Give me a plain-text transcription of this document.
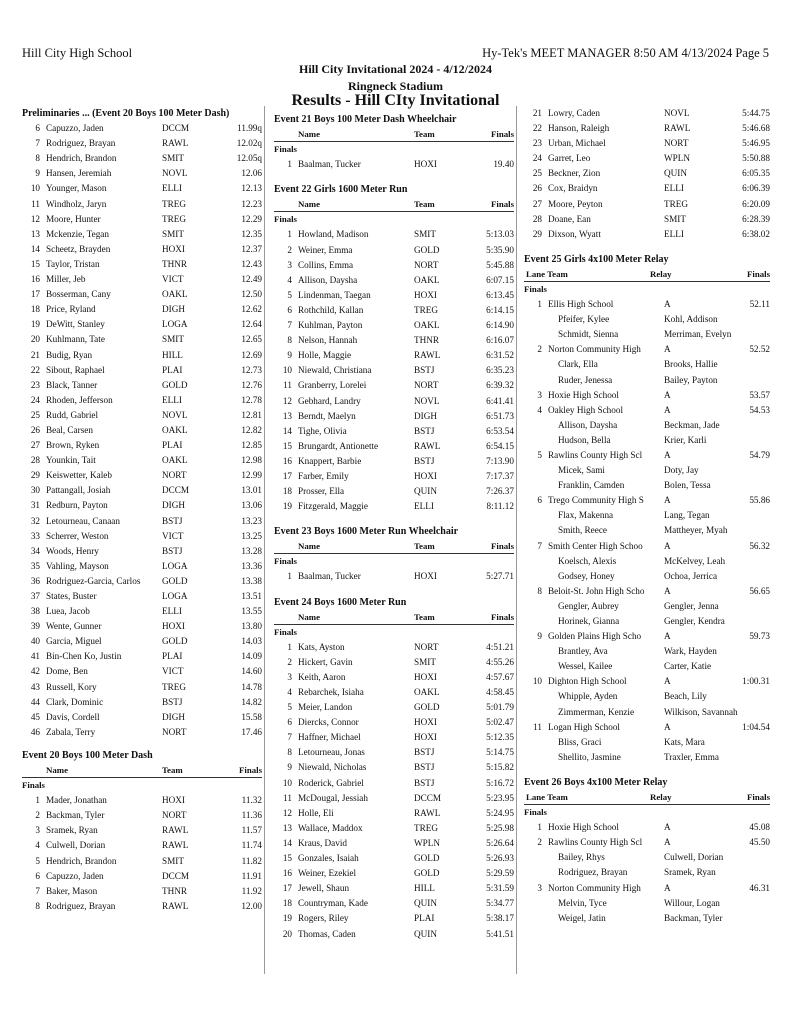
Hill City High School	Hy-Tek's MEET MANAGER 8:50 AM 4/13/2024 Page 5
Hill City Invitational 2024 - 4/12/2024
Ringneck Stadium
Results - Hill CIty Invitational
Preliminaries ... (Event 20 Boys 100 Meter Dash)
6 Capuzzo, Jaden	DCCM	11.99q
7 Rodriguez, Brayan	RAWL	12.02q
8 Hendrich, Brandon	SMIT	12.05q
9 Hansen, Jeremiah	NOVL	12.06
10 Younger, Mason	ELLI	12.13
11 Windholz, Jaryn	TREG	12.23
12 Moore, Hunter	TREG	12.29
13 Mckenzie, Tegan	SMIT	12.35
14 Scheetz, Brayden	HOXI	12.37
15 Taylor, Tristan	THNR	12.43
16 Miller, Jeb	VICT	12.49
17 Bosserman, Cany	OAKL	12.50
18 Price, Ryland	DIGH	12.62
19 DeWitt, Stanley	LOGA	12.64
20 Kuhlmann, Tate	SMIT	12.65
21 Budig, Ryan	HILL	12.69
22 Sibout, Raphael	PLAI	12.73
23 Black, Tanner	GOLD	12.76
24 Rhoden, Jefferson	ELLI	12.78
25 Rudd, Gabriel	NOVL	12.81
26 Beal, Carsen	OAKL	12.82
27 Brown, Ryken	PLAI	12.85
28 Younkin, Tait	OAKL	12.98
29 Keiswetter, Kaleb	NORT	12.99
30 Pattangall, Josiah	DCCM	13.01
31 Redburn, Payton	DIGH	13.06
32 Letourneau, Canaan	BSTJ	13.23
33 Scherrer, Weston	VICT	13.25
34 Woods, Henry	BSTJ	13.28
35 Vahling, Mayson	LOGA	13.36
36 Rodriguez-Garcia, Carlos	GOLD	13.38
37 States, Buster	LOGA	13.51
38 Luea, Jacob	ELLI	13.55
39 Wente, Gunner	HOXI	13.80
40 Garcia, Miguel	GOLD	14.03
41 Bin-Chen Ko, Justin	PLAI	14.09
42 Dome, Ben	VICT	14.60
43 Russell, Kory	TREG	14.78
44 Clark, Dominic	BSTJ	14.82
45 Davis, Cordell	DIGH	15.58
46 Zabala, Terry	NORT	17.46
Event 20 Boys 100 Meter Dash
Name	Team	Finals
Finals
1 Mader, Jonathan	HOXI	11.32
2 Backman, Tyler	NORT	11.36
3 Sramek, Ryan	RAWL	11.57
4 Culwell, Dorian	RAWL	11.74
5 Hendrich, Brandon	SMIT	11.82
6 Capuzzo, Jaden	DCCM	11.91
7 Baker, Mason	THNR	11.92
8 Rodriguez, Brayan	RAWL	12.00
Event 21 Boys 100 Meter Dash Wheelchair
Name	Team	Finals
Finals
1 Baalman, Tucker	HOXI	19.40
Event 22 Girls 1600 Meter Run
Name	Team	Finals
Finals
1 Howland, Madison	SMIT	5:13.03
2 Weiner, Emma	GOLD	5:35.90
3 Collins, Emma	NORT	5:45.88
4 Allison, Daysha	OAKL	6:07.15
5 Lindenman, Taegan	HOXI	6:13.45
6 Rothchild, Kallan	TREG	6:14.15
7 Kuhlman, Payton	OAKL	6:14.90
8 Nelson, Hannah	THNR	6:16.07
9 Holle, Maggie	RAWL	6:31.52
10 Niewald, Christiana	BSTJ	6:35.23
11 Granberry, Lorelei	NORT	6:39.32
12 Gebhard, Landry	NOVL	6:41.41
13 Berndt, Maelyn	DIGH	6:51.73
14 Tighe, Olivia	BSTJ	6:53.54
15 Brungardt, Antionette	RAWL	6:54.15
16 Knappert, Barbie	BSTJ	7:13.90
17 Farber, Emily	HOXI	7:17.37
18 Prosser, Ella	QUIN	7:26.37
19 Fitzgerald, Maggie	ELLI	8:11.12
Event 23 Boys 1600 Meter Run Wheelchair
Name	Team	Finals
Finals
1 Baalman, Tucker	HOXI	5:27.71
Event 24 Boys 1600 Meter Run
Name	Team	Finals
Finals
1 Kats, Ayston	NORT	4:51.21
2 Hickert, Gavin	SMIT	4:55.26
3 Keith, Aaron	HOXI	4:57.67
4 Rebarchek, Isiaha	OAKL	4:58.45
5 Meier, Landon	GOLD	5:01.79
6 Diercks, Connor	HOXI	5:02.47
7 Haffner, Michael	HOXI	5:12.35
8 Letourneau, Jonas	BSTJ	5:14.75
9 Niewald, Nicholas	BSTJ	5:15.82
10 Roderick, Gabriel	BSTJ	5:16.72
11 McDougal, Jessiah	DCCM	5:23.95
12 Holle, Eli	RAWL	5:24.95
13 Wallace, Maddox	TREG	5:25.98
14 Kraus, David	WPLN	5:26.64
15 Gonzales, Isaiah	GOLD	5:26.93
16 Weiner, Ezekiel	GOLD	5:29.59
17 Jewell, Shaun	HILL	5:31.59
18 Countryman, Kade	QUIN	5:34.77
19 Rogers, Riley	PLAI	5:38.17
20 Thomas, Caden	QUIN	5:41.51
21 Lowry, Caden	NOVL	5:44.75
22 Hanson, Raleigh	RAWL	5:46.68
23 Urban, Michael	NORT	5:46.95
24 Garret, Leo	WPLN	5:50.88
25 Beckner, Zion	QUIN	6:05.35
26 Cox, Braidyn	ELLI	6:06.39
27 Moore, Peyton	TREG	6:20.09
28 Doane, Ean	SMIT	6:28.39
29 Dixson, Wyatt	ELLI	6:38.02
Event 25 Girls 4x100 Meter Relay
Lane Team	Relay	Finals
Finals
1 Ellis High School	A	52.11
Pfeifer, Kylee	Kohl, Addison
Schmidt, Sienna	Merriman, Evelyn
2 Norton Community High	A	52.52
Clark, Ella	Brooks, Hallie
Ruder, Jenessa	Bailey, Payton
3 Hoxie High School	A	53.57
4 Oakley High School	A	54.53
Allison, Daysha	Beckman, Jade
Hudson, Bella	Krier, Karli
5 Rawlins County High Scl	A	54.79
Micek, Sami	Doty, Jay
Franklin, Camden	Bolen, Tessa
6 Trego Community High S	A	55.86
Flax, Makenna	Lang, Tegan
Smith, Reece	Mattheyer, Myah
7 Smith Center High Schoo	A	56.32
Koelsch, Alexis	McKelvey, Leah
Godsey, Honey	Ochoa, Jerrica
8 Beloit-St. John High Scho	A	56.65
Gengler, Aubrey	Gengler, Jenna
Horinek, Gianna	Gengler, Kendra
9 Golden Plains High Scho	A	59.73
Brantley, Ava	Wark, Hayden
Wessel, Kailee	Carter, Katie
10 Dighton High School	A	1:00.31
Whipple, Ayden	Beach, Lily
Zimmerman, Kenzie	Wilkison, Savannah
11 Logan High School	A	1:04.54
Bliss, Graci	Kats, Mara
Shellito, Jasmine	Traxler, Emma
Event 26 Boys 4x100 Meter Relay
Lane Team	Relay	Finals
Finals
1 Hoxie High School	A	45.08
2 Rawlins County High Scl	A	45.50
Bailey, Rhys	Culwell, Dorian
Rodriguez, Brayan	Sramek, Ryan
3 Norton Community High	A	46.31
Melvin, Tyce	Willour, Logan
Weigel, Jatin	Backman, Tyler
